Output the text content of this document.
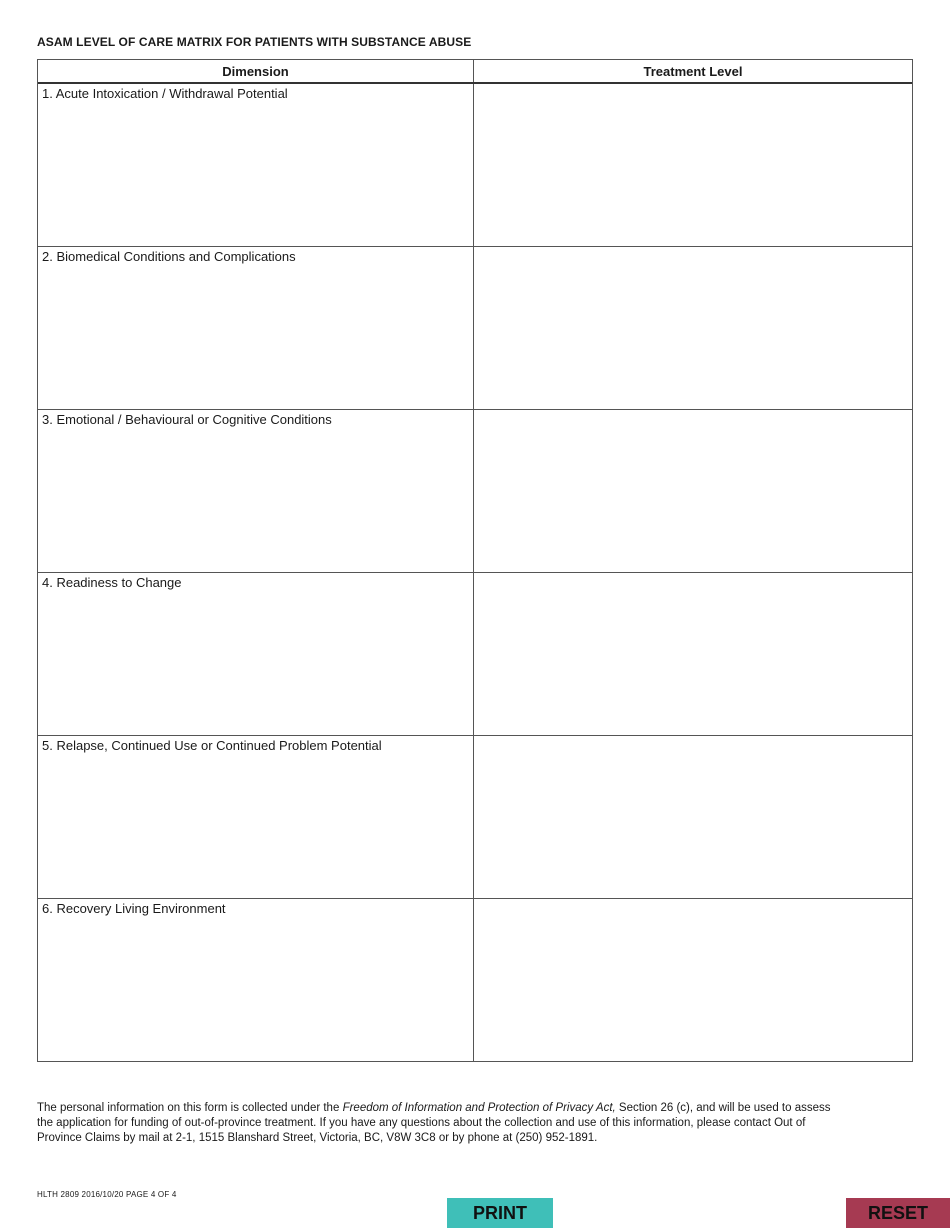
ASAM LEVEL OF CARE MATRIX FOR PATIENTS WITH SUBSTANCE ABUSE
Dimension	Treatment Level
1. Acute Intoxication / Withdrawal Potential
2. Biomedical Conditions and Complications
3. Emotional / Behavioural or Cognitive Conditions
4. Readiness to Change
5. Relapse, Continued Use or Continued Problem Potential
6. Recovery Living Environment

The personal information on this form is collected under the Freedom of Information and Protection of Privacy Act, Section 26 (c), and will be used to assess the application for funding of out-of-province treatment. If you have any questions about the collection and use of this information, please contact Out of Province Claims by mail at 2-1, 1515 Blanshard Street, Victoria, BC, V8W 3C8 or by phone at (250) 952-1891.

HLTH 2809 2016/10/20 PAGE 4 OF 4
PRINT	RESET
